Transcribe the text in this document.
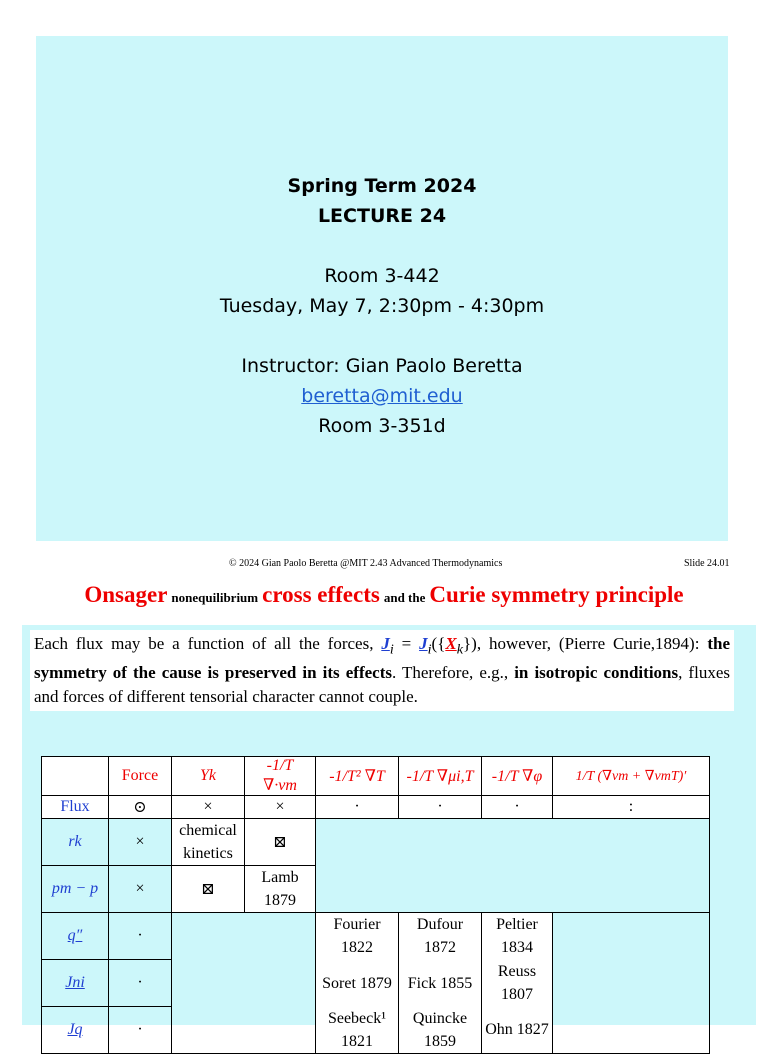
Spring Term 2024
LECTURE 24
Room 3-442
Tuesday, May 7, 2:30pm - 4:30pm
Instructor: Gian Paolo Beretta
beretta@mit.edu
Room 3-351d
© 2024 Gian Paolo Beretta @MIT 2.43 Advanced Thermodynamics	Slide 24.01
Onsager nonequilibrium cross effects and the Curie symmetry principle
Each flux may be a function of all the forces, $J_i = J_i(\{X_k\})$, however, (Pierre Curie,1894): the symmetry of the cause is preserved in its effects. Therefore, e.g., in isotropic conditions, fluxes and forces of different tensorial character cannot couple.
	Force	Yk	-1/T ∇·vm	-1/T² ∇T	-1/T ∇μi,T	-1/T ∇φ	1/T (∇vm + ∇vmT)′
Flux	⊙	×	×	·	·	·	:
rk	×	chemical kinetics	⊠				
pm − p	×	⊠	Lamb 1879				
q″	·			Fourier 1822	Dufour 1872	Peltier 1834	
Jni	·			Soret 1879	Fick 1855	Reuss 1807	
Jq	·			Seebeck¹ 1821	Quincke 1859	Ohn 1827	
